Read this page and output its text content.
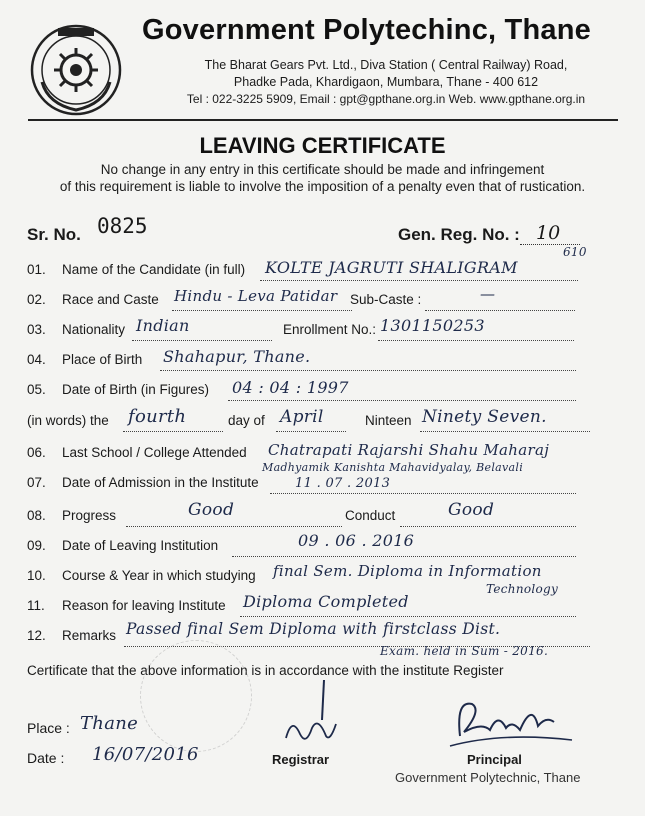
Government Polytechinc, Thane
The Bharat Gears Pvt. Ltd., Diva Station ( Central Railway) Road,
Phadke Pada, Khardigaon, Mumbara, Thane - 400 612
Tel : 022-3225 5909, Email : gpt@gpthane.org.in Web. www.gpthane.org.in
LEAVING CERTIFICATE
No change in any entry in this certificate should be made and infringement
of this requirement is liable to involve the imposition of a penalty even that of rustication.
Sr. No. 0825	Gen. Reg. No. : 10
610
01. Name of the Candidate (in full) KOLTE JAGRUTI SHALIGRAM
02. Race and Caste Hindu - Leva Patidar Sub-Caste :	—
03. Nationality Indian	Enrollment No.: 1301150253
04. Place of Birth Shahapur, Thane.
05. Date of Birth (in Figures) 04 : 04 : 1997
(in words) the fourth	day of April	Ninteen Ninety Seven.
06. Last School / College Attended Chatrapati Rajarshi Shahu Maharaj
Madhyamik Kanishta Mahavidyalay, Belavali
07. Date of Admission in the Institute	11 . 07 . 2013
08. Progress	Good	Conduct	Good
09. Date of Leaving Institution	09 . 06 . 2016
10. Course & Year in which studying final Sem. Diploma in Information
Technology
11. Reason for leaving Institute Diploma Completed
12. Remarks Passed final Sem Diploma with firstclass Dist.
Exam. held in Sum - 2016.
Certificate that the above information is in accordance with the institute Register
Place : Thane
Date : 16/07/2016	Registrar	Principal
Government Polytechnic, Thane
